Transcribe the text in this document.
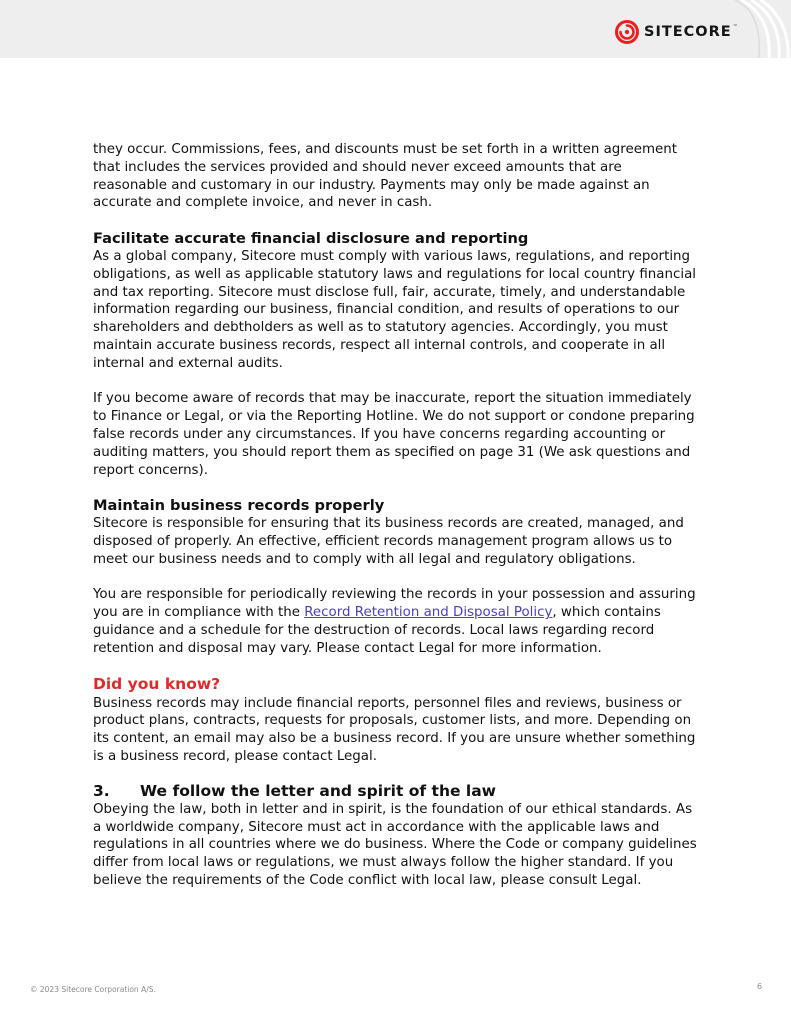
SITECORE™

they occur. Commissions, fees, and discounts must be set forth in a written agreement that includes the services provided and should never exceed amounts that are reasonable and customary in our industry. Payments may only be made against an accurate and complete invoice, and never in cash.

Facilitate accurate financial disclosure and reporting

As a global company, Sitecore must comply with various laws, regulations, and reporting obligations, as well as applicable statutory laws and regulations for local country financial and tax reporting. Sitecore must disclose full, fair, accurate, timely, and understandable information regarding our business, financial condition, and results of operations to our shareholders and debtholders as well as to statutory agencies. Accordingly, you must maintain accurate business records, respect all internal controls, and cooperate in all internal and external audits.

If you become aware of records that may be inaccurate, report the situation immediately to Finance or Legal, or via the Reporting Hotline. We do not support or condone preparing false records under any circumstances. If you have concerns regarding accounting or auditing matters, you should report them as specified on page 31 (We ask questions and report concerns).

Maintain business records properly

Sitecore is responsible for ensuring that its business records are created, managed, and disposed of properly. An effective, efficient records management program allows us to meet our business needs and to comply with all legal and regulatory obligations.

You are responsible for periodically reviewing the records in your possession and assuring you are in compliance with the Record Retention and Disposal Policy, which contains guidance and a schedule for the destruction of records. Local laws regarding record retention and disposal may vary. Please contact Legal for more information.

Did you know?

Business records may include financial reports, personnel files and reviews, business or product plans, contracts, requests for proposals, customer lists, and more. Depending on its content, an email may also be a business record. If you are unsure whether something is a business record, please contact Legal.

3.	We follow the letter and spirit of the law

Obeying the law, both in letter and in spirit, is the foundation of our ethical standards. As a worldwide company, Sitecore must act in accordance with the applicable laws and regulations in all countries where we do business. Where the Code or company guidelines differ from local laws or regulations, we must always follow the higher standard. If you believe the requirements of the Code conflict with local law, please consult Legal.

© 2023 Sitecore Corporation A/S.	6
